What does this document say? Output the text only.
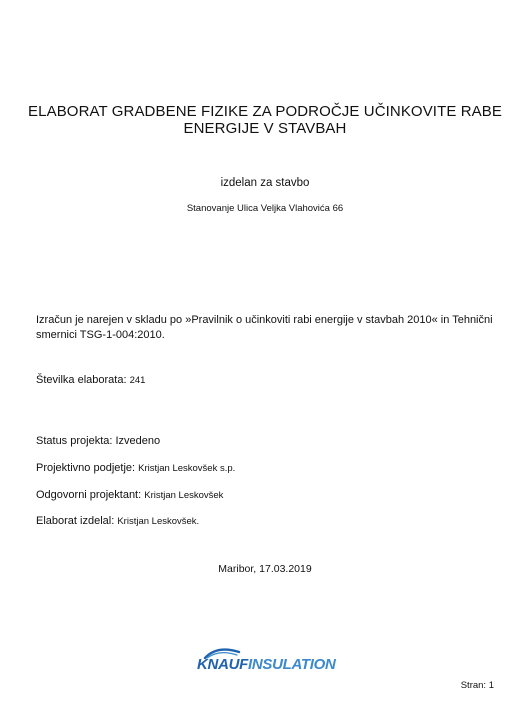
ELABORAT GRADBENE FIZIKE ZA PODROČJE UČINKOVITE RABE
ENERGIJE V STAVBAH
izdelan za stavbo
Stanovanje Ulica Veljka Vlahovića 66
Izračun je narejen v skladu po »Pravilnik o učinkoviti rabi energije v stavbah 2010« in Tehnični
smernici TSG-1-004:2010.
Številka elaborata: 241
Status projekta: Izvedeno
Projektivno podjetje: Kristjan Leskovšek s.p.
Odgovorni projektant: Kristjan Leskovšek
Elaborat izdelal: Kristjan Leskovšek.
Maribor, 17.03.2019
KNAUFINSULATION
Stran: 1
